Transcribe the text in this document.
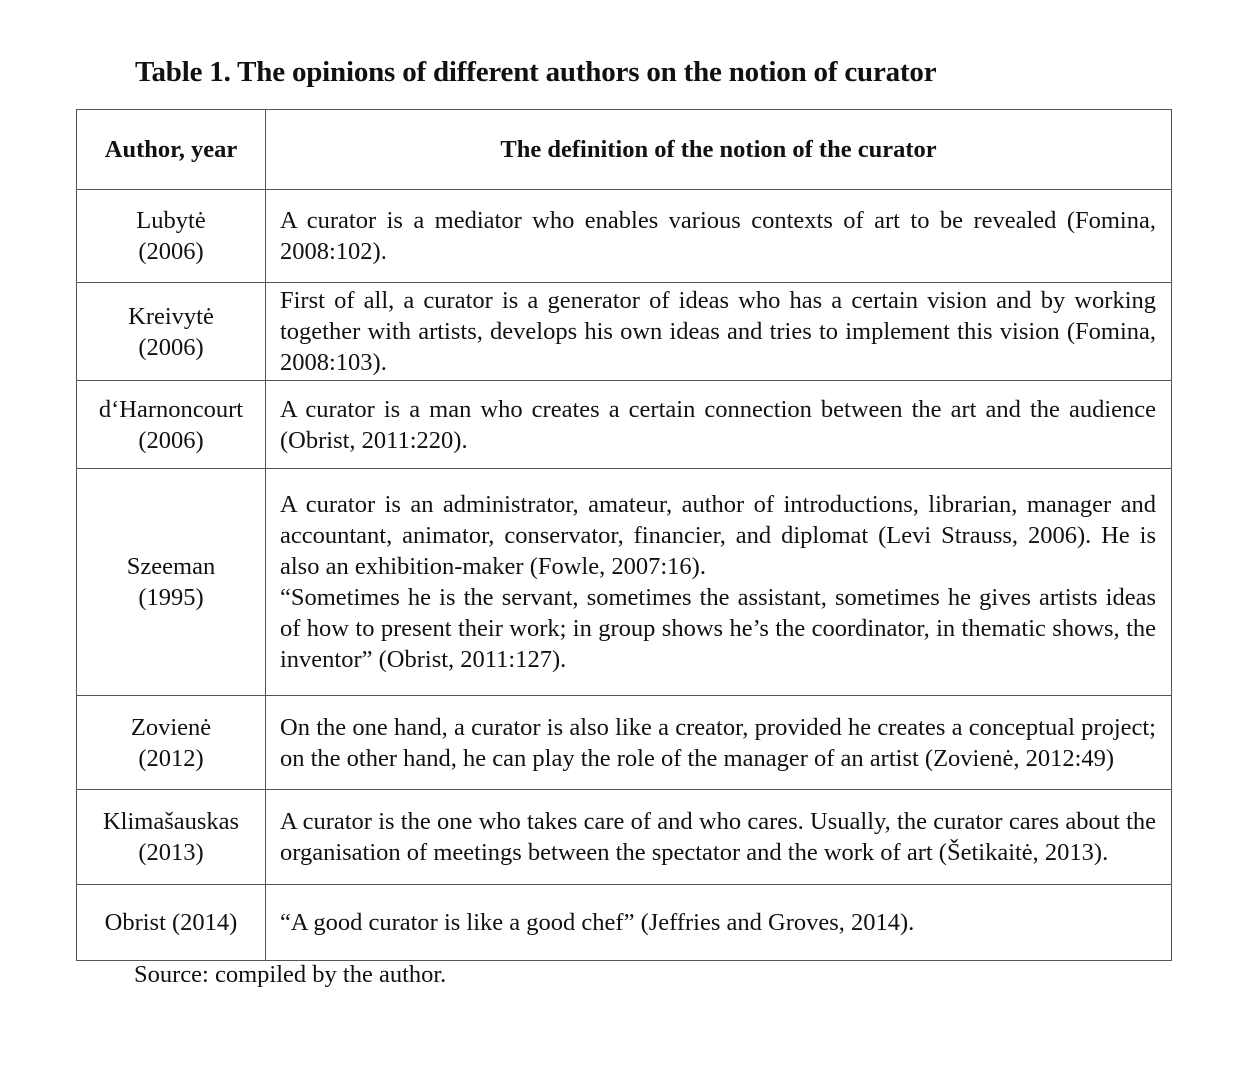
Table 1. The opinions of different authors on the notion of curator
Author, year	The definition of the notion of the curator

Lubytė
(2006)	A curator is a mediator who enables various contexts of art to be revealed (Fomina, 2008:102).

Kreivytė
(2006)	First of all, a curator is a generator of ideas who has a certain vision and by working together with artists, develops his own ideas and tries to implement this vision (Fomina, 2008:103).

d‘Harnoncourt
(2006)	A curator is a man who creates a certain connection between the art and the audience (Obrist, 2011:220).

Szeeman
(1995)	A curator is an administrator, amateur, author of introductions, librarian, manager and accountant, animator, conservator, financier, and diplomat (Levi Strauss, 2006). He is also an exhibition-maker (Fowle, 2007:16).
“Sometimes he is the servant, sometimes the assistant, sometimes he gives artists ideas of how to present their work; in group shows he’s the coordinator, in thematic shows, the inventor” (Obrist, 2011:127).

Zovienė
(2012)	On the one hand, a curator is also like a creator, provided he creates a conceptual project; on the other hand, he can play the role of the manager of an artist (Zovienė, 2012:49)

Klimašauskas
(2013)	A curator is the one who takes care of and who cares. Usually, the curator cares about the organisation of meetings between the spectator and the work of art (Šetikaitė, 2013).

Obrist (2014)	“A good curator is like a good chef” (Jeffries and Groves, 2014).
Source: compiled by the author.
